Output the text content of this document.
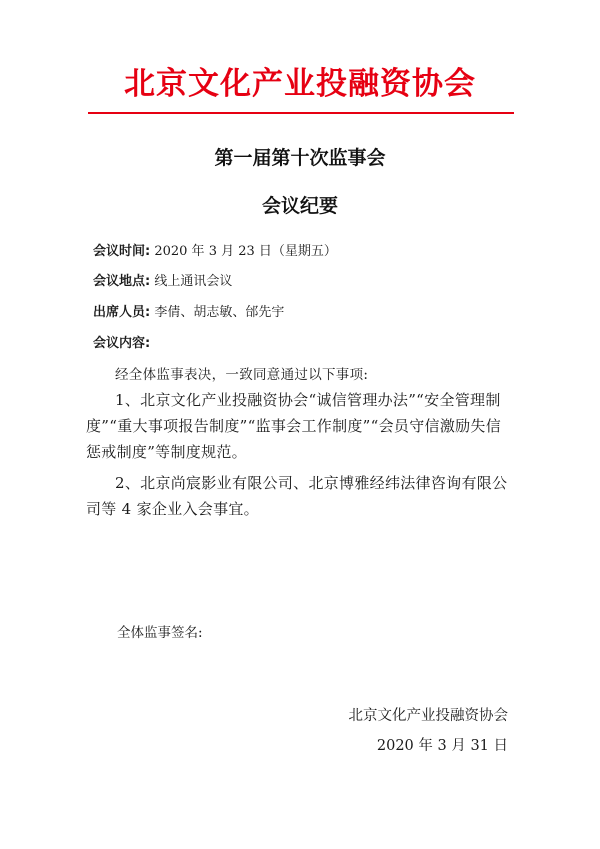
北京文化产业投融资协会
第一届第十次监事会
会议纪要
会议时间: 2020 年 3 月 23 日（星期五）
会议地点: 线上通讯会议
出席人员: 李倩、胡志敏、邰先宇
会议内容:
经全体监事表决，一致同意通过以下事项:
1、北京文化产业投融资协会“诚信管理办法”“安全管理制度”“重大事项报告制度”“监事会工作制度”“会员守信激励失信惩戒制度”等制度规范。
2、北京尚宸影业有限公司、北京博雅经纬法律咨询有限公司等 4 家企业入会事宜。
全体监事签名:
北京文化产业投融资协会
2020 年 3 月 31 日
